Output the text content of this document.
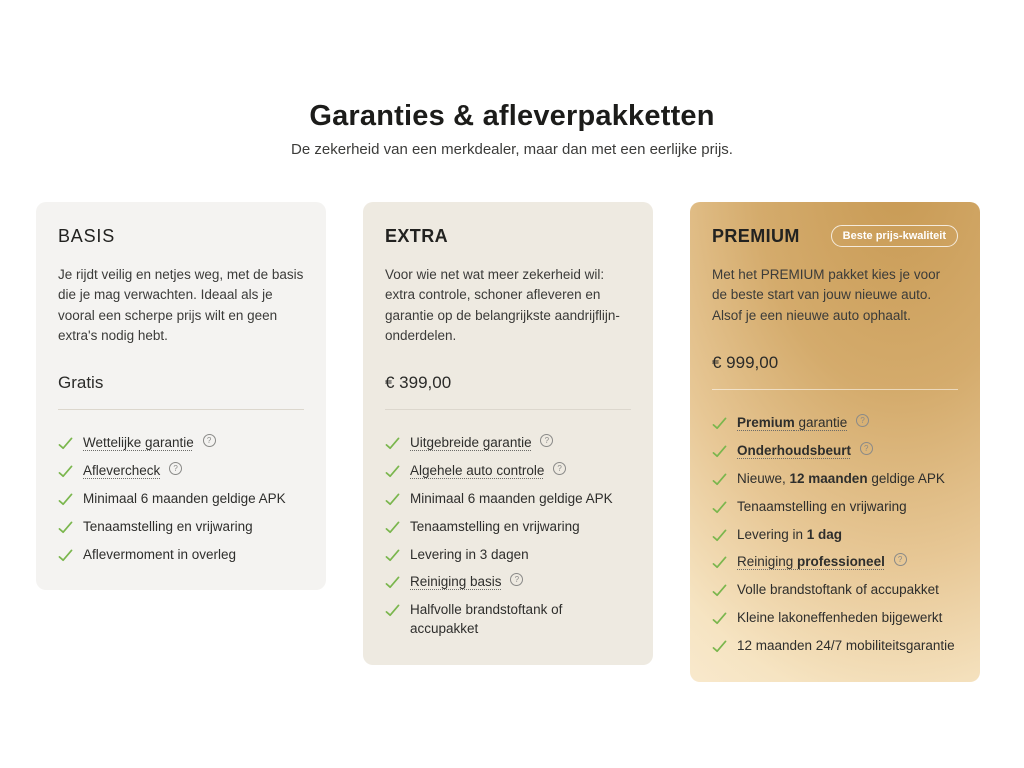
Garanties & afleverpakketten

De zekerheid van een merkdealer, maar dan met een eerlijke prijs.

BASIS

Je rijdt veilig en netjes weg, met de basis die je mag verwachten. Ideaal als je vooral een scherpe prijs wilt en geen extra's nodig hebt.

Gratis

Wettelijke garantie ?
Aflevercheck ?
Minimaal 6 maanden geldige APK
Tenaamstelling en vrijwaring
Aflevermoment in overleg
EXTRA

Voor wie net wat meer zekerheid wil: extra controle, schoner afleveren en garantie op de belangrijkste aandrijflijn-onderdelen.

€ 399,00

Uitgebreide garantie ?
Algehele auto controle ?
Minimaal 6 maanden geldige APK
Tenaamstelling en vrijwaring
Levering in 3 dagen
Reiniging basis ?
Halfvolle brandstoftank of accupakket
PREMIUM	Beste prijs-kwaliteit

Met het PREMIUM pakket kies je voor de beste start van jouw nieuwe auto. Alsof je een nieuwe auto ophaalt.

€ 999,00

Premium garantie ?
Onderhoudsbeurt ?
Nieuwe, 12 maanden geldige APK
Tenaamstelling en vrijwaring
Levering in 1 dag
Reiniging professioneel ?
Volle brandstoftank of accupakket
Kleine lakoneffenheden bijgewerkt
12 maanden 24/7 mobiliteitsgarantie
